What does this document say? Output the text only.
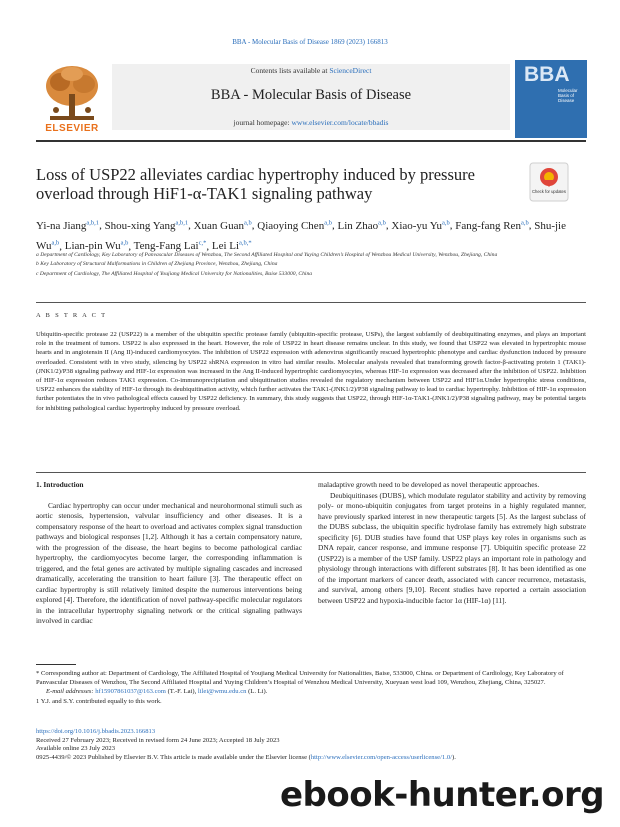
BBA - Molecular Basis of Disease 1869 (2023) 166813
ELSEVIER
Contents lists available at ScienceDirect
BBA - Molecular Basis of Disease
journal homepage: www.elsevier.com/locate/bbadis
BBA
Molecular Basis of Disease
Loss of USP22 alleviates cardiac hypertrophy induced by pressure overload through HiF1-α-TAK1 signaling pathway	Check for updates
Yi-na Jiang$^{a,b,1}$, Shou-xing Yang$^{a,b,1}$, Xuan Guan$^{a,b}$, Qiaoying Chen$^{a,b}$, Lin Zhao$^{a,b}$, Xiao-yu Yu$^{a,b}$, Fang-fang Ren$^{a,b}$, Shu-jie Wu$^{a,b}$, Lian-pin Wu$^{a,b}$, Teng-Fang Lai$^{c,*}$, Lei $Li^{a,b,*}$
a Department of Cardiology, Key Laboratory of Panvascular Diseases of Wenzhou, The Second Affiliated Hospital and Yuying Children’s Hospital of Wenzhou Medical University, Wenzhou, Zhejiang, China
b Key Laboratory of Structural Malformations in Children of Zhejiang Province, Wenzhou, Zhejiang, China
c Department of Cardiology, The Affiliated Hospital of Youjiang Medical University for Nationalities, Baise 533000, China
A B S T R A C T
Ubiquitin-specific protease 22 (USP22) is a member of the ubiquitin specific protease family (ubiquitin-specific protease, USPs), the largest subfamily of deubiquitinating enzymes, and plays an important role in the treatment of tumors. USP22 is also expressed in the heart. However, the role of USP22 in heart disease remains unclear. In this study, we found that USP22 was elevated in hypertrophic mouse hearts and in angiotensin II (Ang II)-induced cardiomyocytes. The inhibition of USP22 expression with adenovirus significantly rescued hypertrophic phenotype and cardiac dysfunction induced by pressure overloaded. Consistent with in vivo study, silencing by USP22 shRNA expression in vitro had similar results. Molecular analysis revealed that transforming growth factor-β-activating protein 1 (TAK1)-(JNK1/2)/P38 signaling pathway and HIF-1α expression was increased in the Ang II-induced hypertrophic cardiomyocytes, whereas HIF-1α expression was decreased after the inhibition of USP22. Inhibition of HIF-1α expression reduces TAK1 expression. Co-immunoprecipitation and ubiquitination studies revealed the regulatory mechanism between USP22 and HIF1α.Under hypertrophic stress conditions, USP22 enhances the stability of HIF-1α through its deubiquitination activity, which further activates the TAK1-(JNK1/2)/P38 signaling pathway to lead to cardiac hypertrophy. Inhibition of HIF-1α expression further potentiates the in vivo pathological effects caused by USP22 deficiency. In summary, this study suggests that USP22, through HIF-1α-TAK1-(JNK1/2)/P38 signaling pathway, may be potential targets for inhibiting pathological cardiac hypertrophy induced by pressure overload.
1. Introduction

Cardiac hypertrophy can occur under mechanical and neurohormonal stimuli such as aortic stenosis, hypertension, valvular insufficiency and other diseases. It is a compensatory response of the heart to overload and activates complex signal transduction pathways and biological responses [1,2]. Although it has a certain compensatory nature, with the progression of the disease, the heart begins to become pathological cardiac hypertrophy, the cardiomyocytes become larger, the corresponding inflammation is triggered, and the fetal genes are activated by multiple signaling cascades and increased dramatically, accelerating the transition to heart failure [3]. The therapeutic effect on cardiac hypertrophy is still relatively limited despite the numerous interventions being explored [4]. Therefore, the identification of novel pathway-specific molecular regulators in the intracellular hypertrophy signaling network or the critical signaling pathways involved in cardiac

maladaptive growth need to be developed as novel therapeutic approaches.

Deubiquitinases (DUBS), which modulate regulator stability and activity by removing poly- or mono-ubiquitin conjugates from target proteins in a highly regulated manner, have previously sparked interest in new therapeutic targets [5]. As the largest subclass of the DUBS subclass, the ubiquitin specific hydrolase family has extremely high substrate specificity [6]. DUB studies have found that USP plays key roles in organisms such as DNA repair, cancer response, and immune response [7]. Ubiquitin specific protease 22 (USP22) is a member of the USP family. USP22 plays an important role in pathology and physiology through interactions with different substrates [8]. It has been identified as one of the important markers of cancer death, associated with cancer recurrence, metastasis, and survival, among others [9,10]. Recent studies have reported a certain association between USP22 and hypoxia-inducible factor 1α (HIF-1α) [11].

* Corresponding author at: Department of Cardiology, The Affiliated Hospital of Youjiang Medical University for Nationalities, Baise, 533000, China. or Department of Cardiology, Key Laboratory of Panvascular Diseases of Wenzhou, The Second Affiliated Hospital and Yuying Children’s Hospital of Wenzhou Medical University, Xueyuan west load 109, Wenzhou, Zhejiang, China, 325027.
E-mail addresses: hf15907861037@163.com (T.-F. Lai), lilei@wmu.edu.cn (L. Li).
1 Y.J. and S.Y. contributed equally to this work.
https://doi.org/10.1016/j.bbadis.2023.166813
Received 27 February 2023; Received in revised form 24 June 2023; Accepted 18 July 2023
Available online 23 July 2023
0925-4439/© 2023 Published by Elsevier B.V. This article is made available under the Elsevier license (http://www.elsevier.com/open-access/userlicense/1.0/).
ebook-hunter.org
